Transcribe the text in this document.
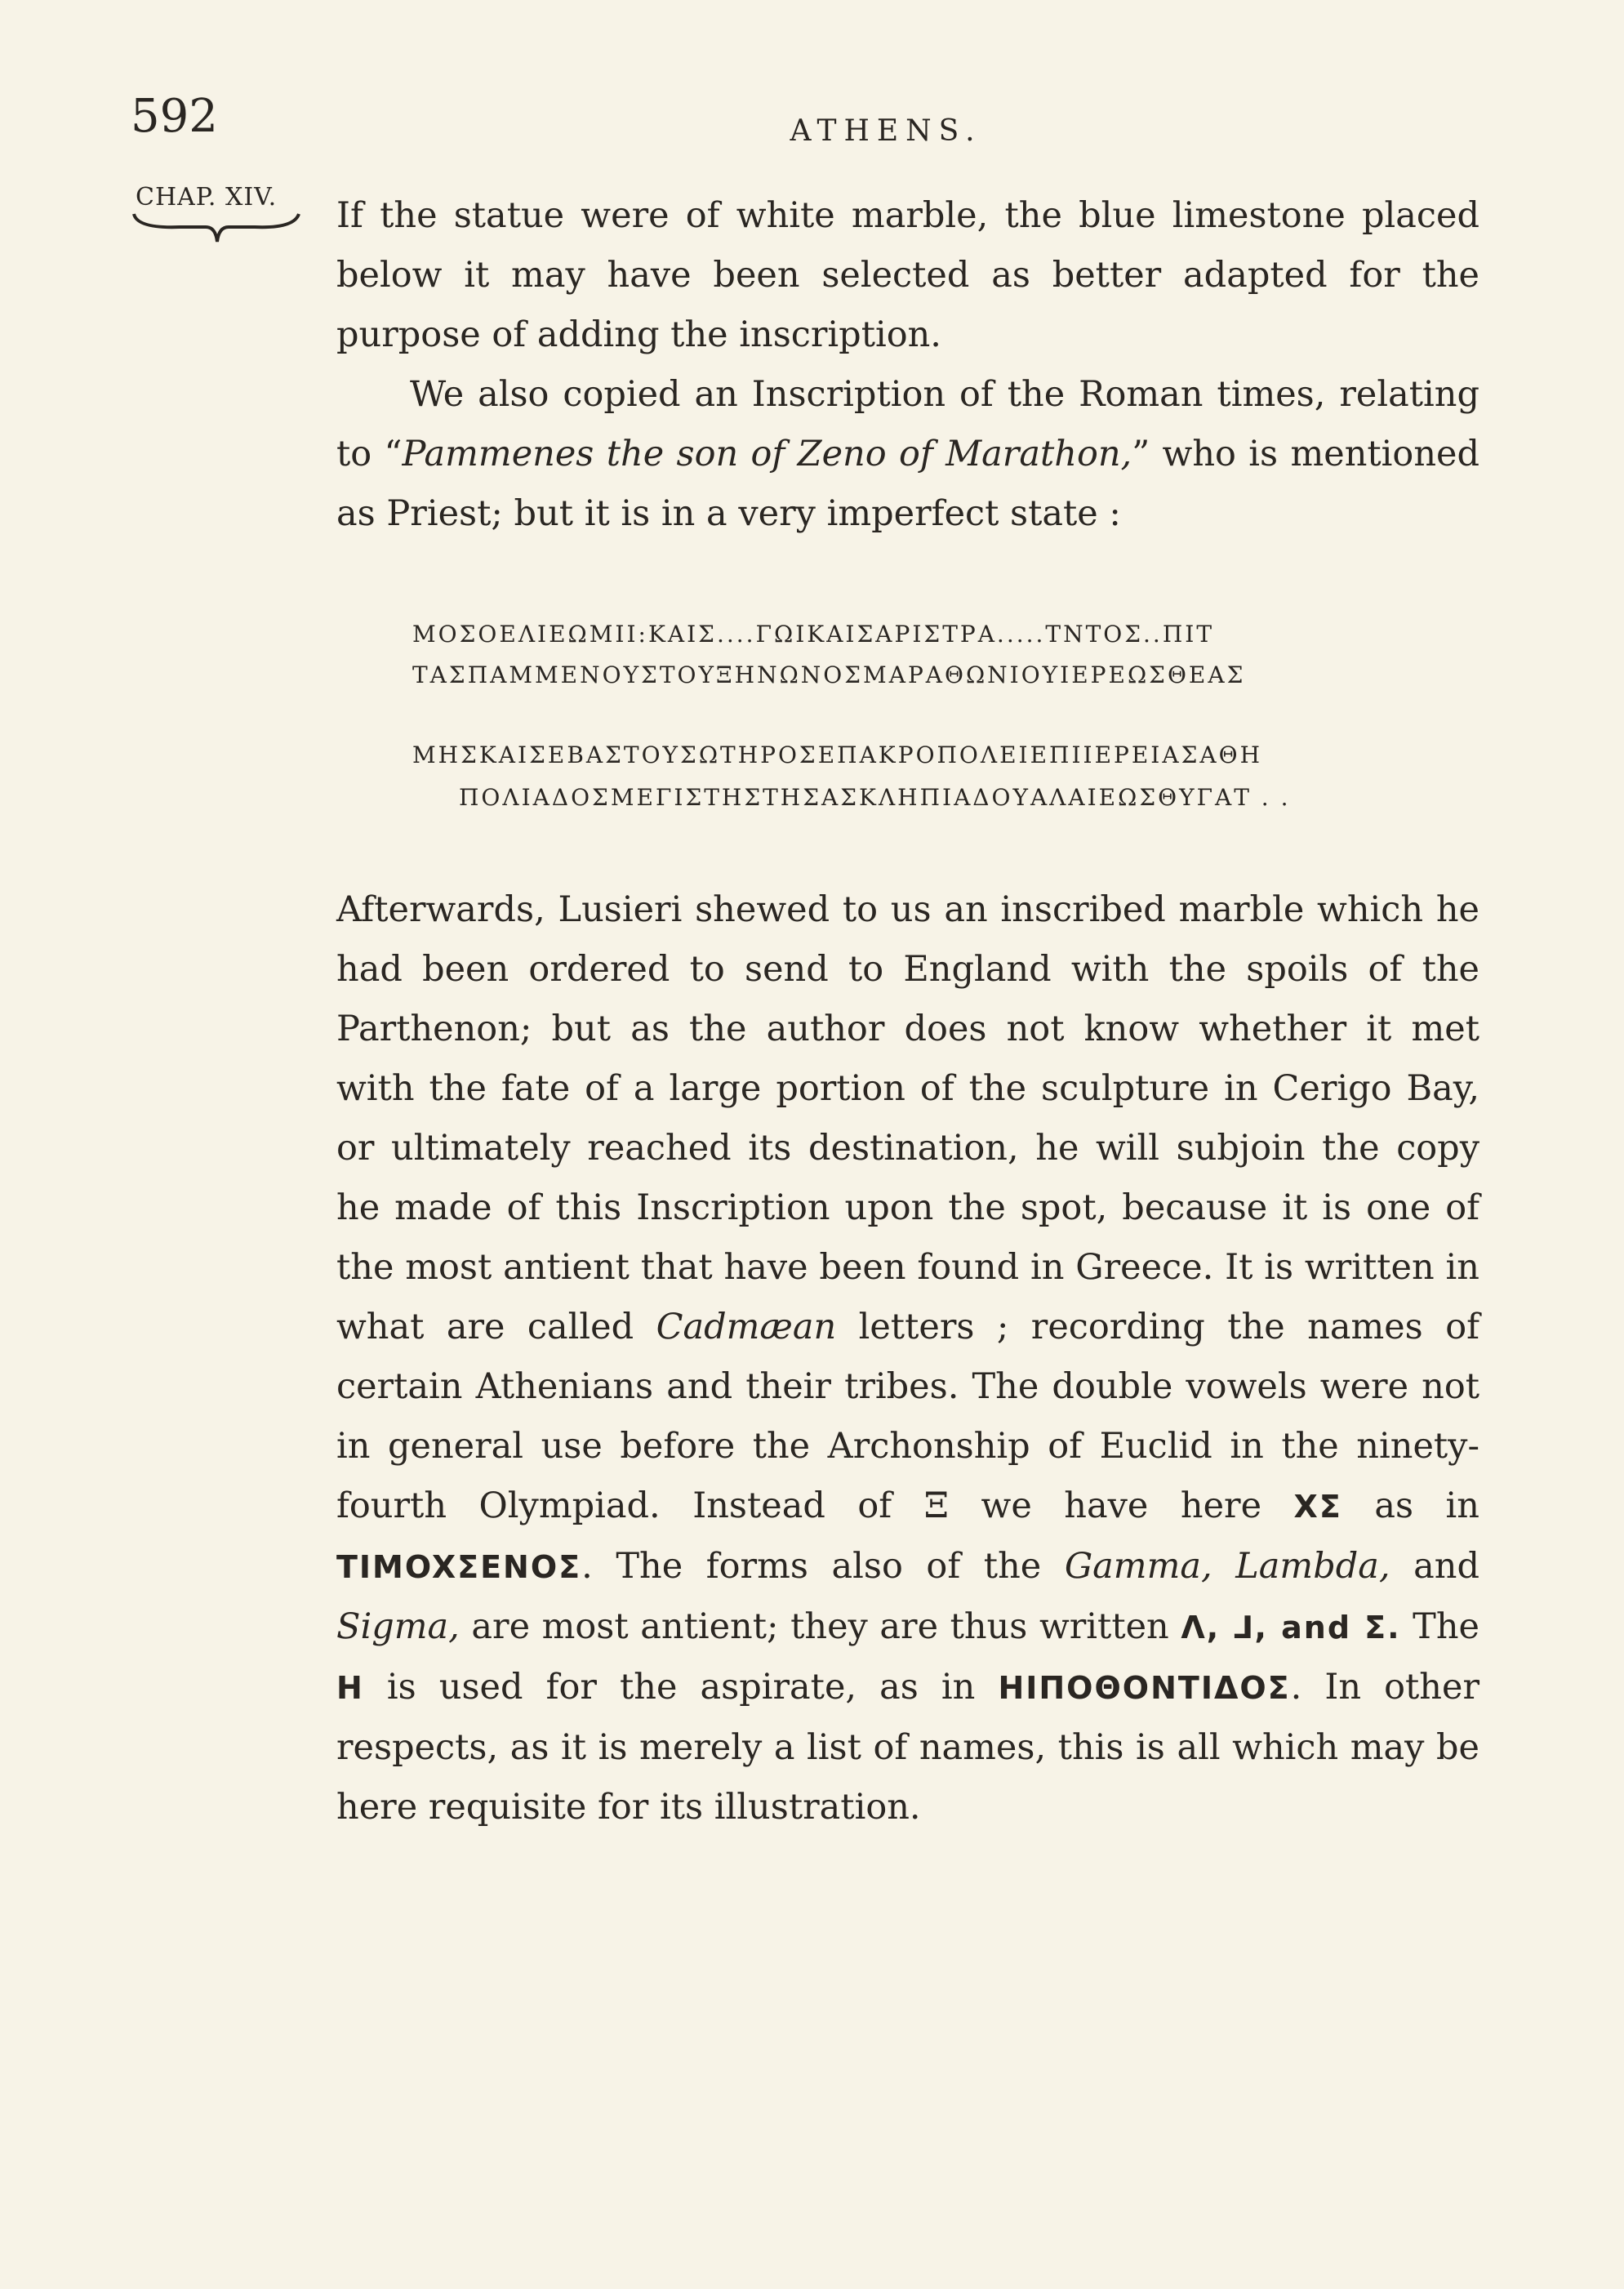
592	ATHENS.
CHAP. XIV. If the statue were of white marble, the blue limestone placed below it may have been selected as better adapted for the purpose of adding the inscription.

We also copied an Inscription of the Roman times, relating to “Pammenes the son of Zeno of Marathon,” who is mentioned as Priest; but it is in a very imperfect state :

ΜΟΣΟΕΛΙΕΩΜΙΙ:ΚΑΙΣ....ΓΩΙΚΑΙΣΑΡΙΣΤΡΑ.....ΤΝΤΟΣ..ΠΙΤ
ΤΑΣΠΑΜΜΕΝΟΥΣΤΟΥΞΗΝΩΝΟΣΜΑΡΑΘΩΝΙΟΥΙΕΡΕΩΣΘΕΑΣ
ΜΗΣΚΑΙΣΕΒΑΣΤΟΥΣΩΤΗΡΟΣΕΠΑΚΡΟΠΟΛΕΙΕΠΙΙΕΡΕΙΑΣΑΘΗ
ΠΟΛΙΑΔΟΣΜΕΓΙΣΤΗΣΤΗΣΑΣΚΛΗΠΙΑΔΟΥΑΛΑΙΕΩΣΘΥΓΑΤ . .

Afterwards, Lusieri shewed to us an inscribed marble which he had been ordered to send to England with the spoils of the Parthenon; but as the author does not know whether it met with the fate of a large portion of the sculpture in Cerigo Bay, or ultimately reached its destination, he will subjoin the copy he made of this Inscription upon the spot, because it is one of the most antient that have been found in Greece. It is written in what are called Cadmæan letters ; recording the names of certain Athenians and their tribes. The double vowels were not in general use before the Archonship of Euclid in the ninety-fourth Olympiad. Instead of Ξ we have here XΣ as in TIMOXΣENOΣ. The forms also of the Gamma, Lambda, and Sigma, are most antient; they are thus written Λ, ⅃, and Σ. The H is used for the aspirate, as in HΙΠΟΘΟΝΤΙΔΟΣ. In other respects, as it is merely a list of names, this is all which may be here requisite for its illustration.
